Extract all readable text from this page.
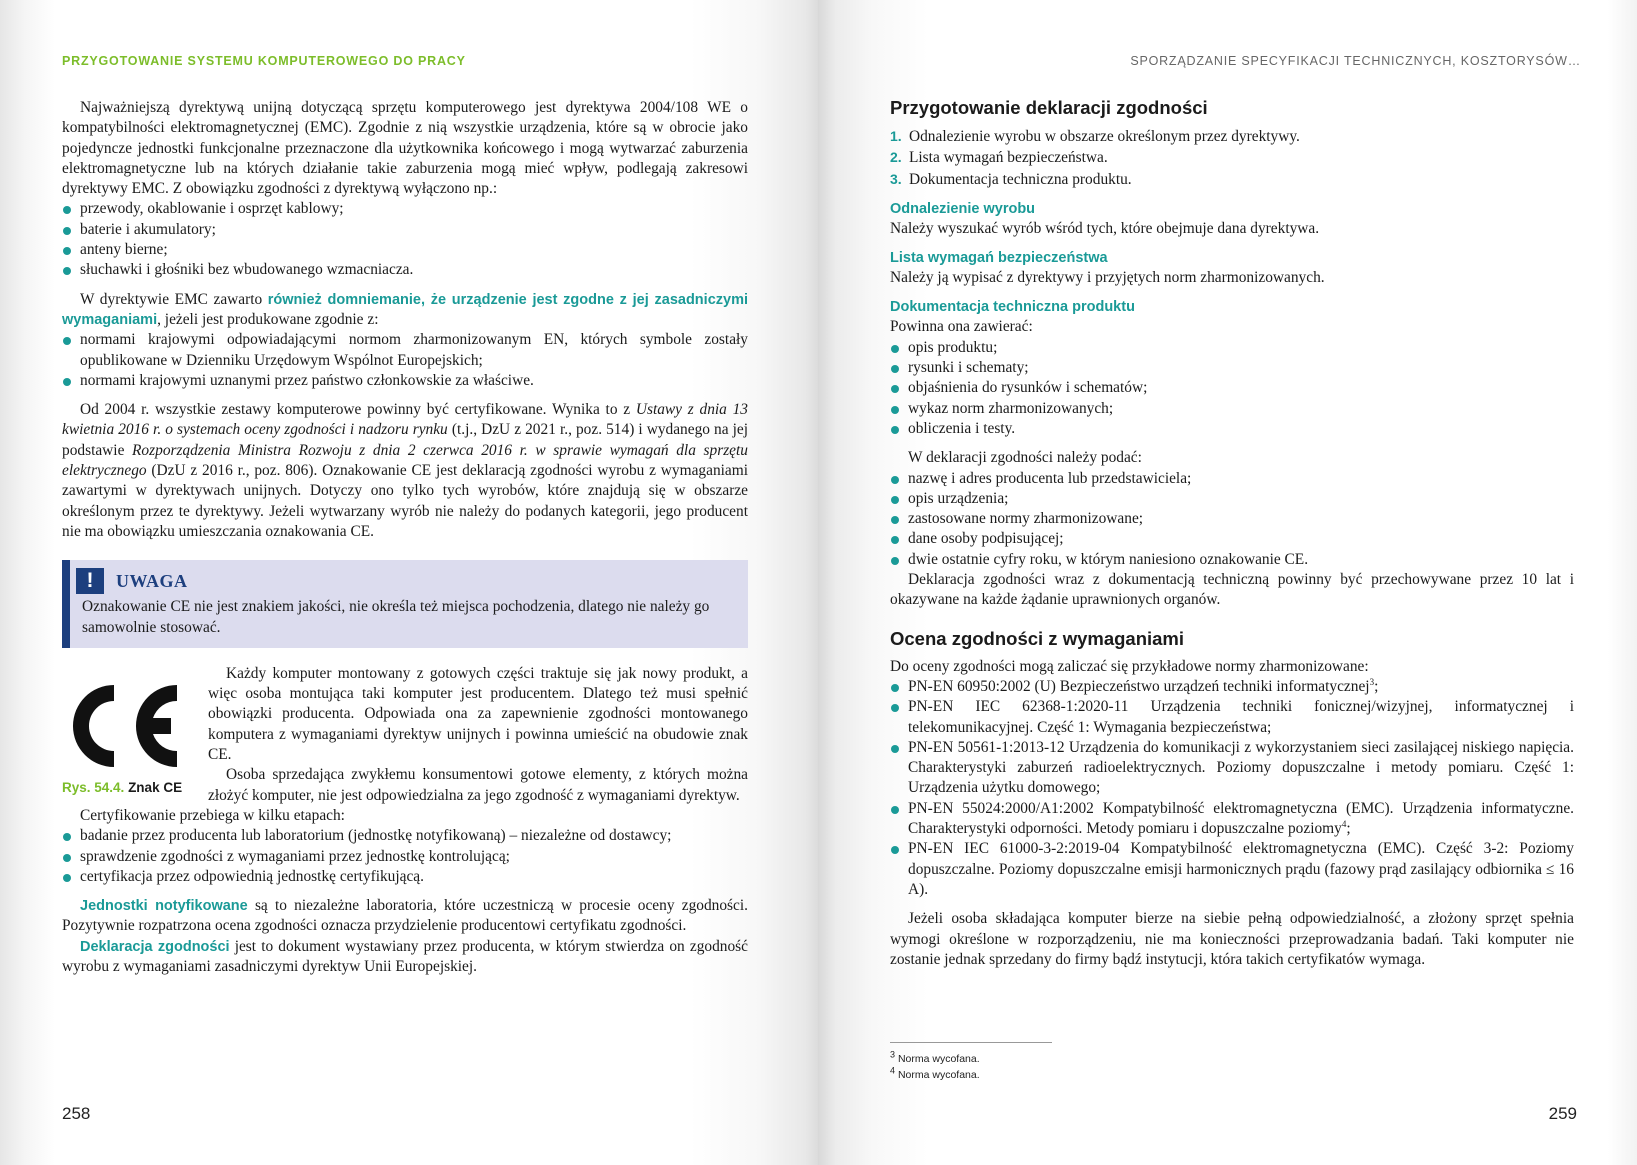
PRZYGOTOWANIE SYSTEMU KOMPUTEROWEGO DO PRACY

Najważniejszą dyrektywą unijną dotyczącą sprzętu komputerowego jest dyrektywa 2004/108 WE o kompatybilności elektromagnetycznej (EMC). Zgodnie z nią wszystkie urządzenia, które są w obrocie jako pojedyncze jednostki funkcjonalne przeznaczone dla użytkownika końcowego i mogą wytwarzać zaburzenia elektromagnetyczne lub na których działanie takie zaburzenia mogą mieć wpływ, podlegają zakresowi dyrektywy EMC. Z obowiązku zgodności z dyrektywą wyłączono np.:

przewody, okablowanie i osprzęt kablowy;
baterie i akumulatory;
anteny bierne;
słuchawki i głośniki bez wbudowanego wzmacniacza.

W dyrektywie EMC zawarto również domniemanie, że urządzenie jest zgodne z jej zasadniczymi wymaganiami, jeżeli jest produkowane zgodnie z:

normami krajowymi odpowiadającymi normom zharmonizowanym EN, których symbole zostały opublikowane w Dzienniku Urzędowym Wspólnot Europejskich;
normami krajowymi uznanymi przez państwo członkowskie za właściwe.

Od 2004 r. wszystkie zestawy komputerowe powinny być certyfikowane. Wynika to z Ustawy z dnia 13 kwietnia 2016 r. o systemach oceny zgodności i nadzoru rynku (t.j., DzU z 2021 r., poz. 514) i wydanego na jej podstawie Rozporządzenia Ministra Rozwoju z dnia 2 czerwca 2016 r. w sprawie wymagań dla sprzętu elektrycznego (DzU z 2016 r., poz. 806). Oznakowanie CE jest deklaracją zgodności wyrobu z wymaganiami zawartymi w dyrektywach unijnych. Dotyczy ono tylko tych wyrobów, które znajdują się w obszarze określonym przez te dyrektywy. Jeżeli wytwarzany wyrób nie należy do podanych kategorii, jego producent nie ma obowiązku umieszczania oznakowania CE.

!	UWAGA

Oznakowanie CE nie jest znakiem jakości, nie określa też miejsca pochodzenia, dlatego nie należy go samowolnie stosować.

Rys. 54.4. Znak CE

Każdy komputer montowany z gotowych części traktuje się jak nowy produkt, a więc osoba montująca taki komputer jest producentem. Dlatego też musi spełnić obowiązki producenta. Odpowiada ona za zapewnienie zgodności montowanego komputera z wymaganiami dyrektyw unijnych i powinna umieścić na obudowie znak CE.

Osoba sprzedająca zwykłemu konsumentowi gotowe elementy, z których można złożyć komputer, nie jest odpowiedzialna za jego zgodność z wymaganiami dyrektyw.

Certyfikowanie przebiega w kilku etapach:

badanie przez producenta lub laboratorium (jednostkę notyfikowaną) – niezależne od dostawcy;
sprawdzenie zgodności z wymaganiami przez jednostkę kontrolującą;
certyfikacja przez odpowiednią jednostkę certyfikującą.

Jednostki notyfikowane są to niezależne laboratoria, które uczestniczą w procesie oceny zgodności. Pozytywnie rozpatrzona ocena zgodności oznacza przydzielenie producentowi certyfikatu zgodności.

Deklaracja zgodności jest to dokument wystawiany przez producenta, w którym stwierdza on zgodność wyrobu z wymaganiami zasadniczymi dyrektyw Unii Europejskiej.

258
SPORZĄDZANIE SPECYFIKACJI TECHNICZNYCH, KOSZTORYSÓW…
Przygotowanie deklaracji zgodności
1. Odnalezienie wyrobu w obszarze określonym przez dyrektywy.
2. Lista wymagań bezpieczeństwa.
3. Dokumentacja techniczna produktu.
Odnalezienie wyrobu

Należy wyszukać wyrób wśród tych, które obejmuje dana dyrektywa.

Lista wymagań bezpieczeństwa

Należy ją wypisać z dyrektywy i przyjętych norm zharmonizowanych.

Dokumentacja techniczna produktu

Powinna ona zawierać:

opis produktu;
rysunki i schematy;
objaśnienia do rysunków i schematów;
wykaz norm zharmonizowanych;
obliczenia i testy.

W deklaracji zgodności należy podać:

nazwę i adres producenta lub przedstawiciela;
opis urządzenia;
zastosowane normy zharmonizowane;
dane osoby podpisującej;
dwie ostatnie cyfry roku, w którym naniesiono oznakowanie CE.

Deklaracja zgodności wraz z dokumentacją techniczną powinny być przechowywane przez 10 lat i okazywane na każde żądanie uprawnionych organów.

Ocena zgodności z wymaganiami

Do oceny zgodności mogą zaliczać się przykładowe normy zharmonizowane:

PN-EN 60950:2002 (U) Bezpieczeństwo urządzeń techniki informatycznej$^3$;
PN-EN IEC 62368-1:2020-11 Urządzenia techniki fonicznej/wizyjnej, informatycznej i telekomunikacyjnej. Część 1: Wymagania bezpieczeństwa;
PN-EN 50561-1:2013-12 Urządzenia do komunikacji z wykorzystaniem sieci zasilającej niskiego napięcia. Charakterystyki zaburzeń radioelektrycznych. Poziomy dopuszczalne i metody pomiaru. Część 1: Urządzenia użytku domowego;
PN-EN 55024:2000/A1:2002 Kompatybilność elektromagnetyczna (EMC). Urządzenia informatyczne. Charakterystyki odporności. Metody pomiaru i dopuszczalne poziomy$^4$;
PN-EN IEC 61000-3-2:2019-04 Kompatybilność elektromagnetyczna (EMC). Część 3-2: Poziomy dopuszczalne. Poziomy dopuszczalne emisji harmonicznych prądu (fazowy prąd zasilający odbiornika ≤ 16 A).

Jeżeli osoba składająca komputer bierze na siebie pełną odpowiedzialność, a złożony sprzęt spełnia wymogi określone w rozporządzeniu, nie ma konieczności przeprowadzania badań. Taki komputer nie zostanie jednak sprzedany do firmy bądź instytucji, która takich certyfikatów wymaga.

$^3$ Norma wycofana.
$^4$ Norma wycofana.
259
